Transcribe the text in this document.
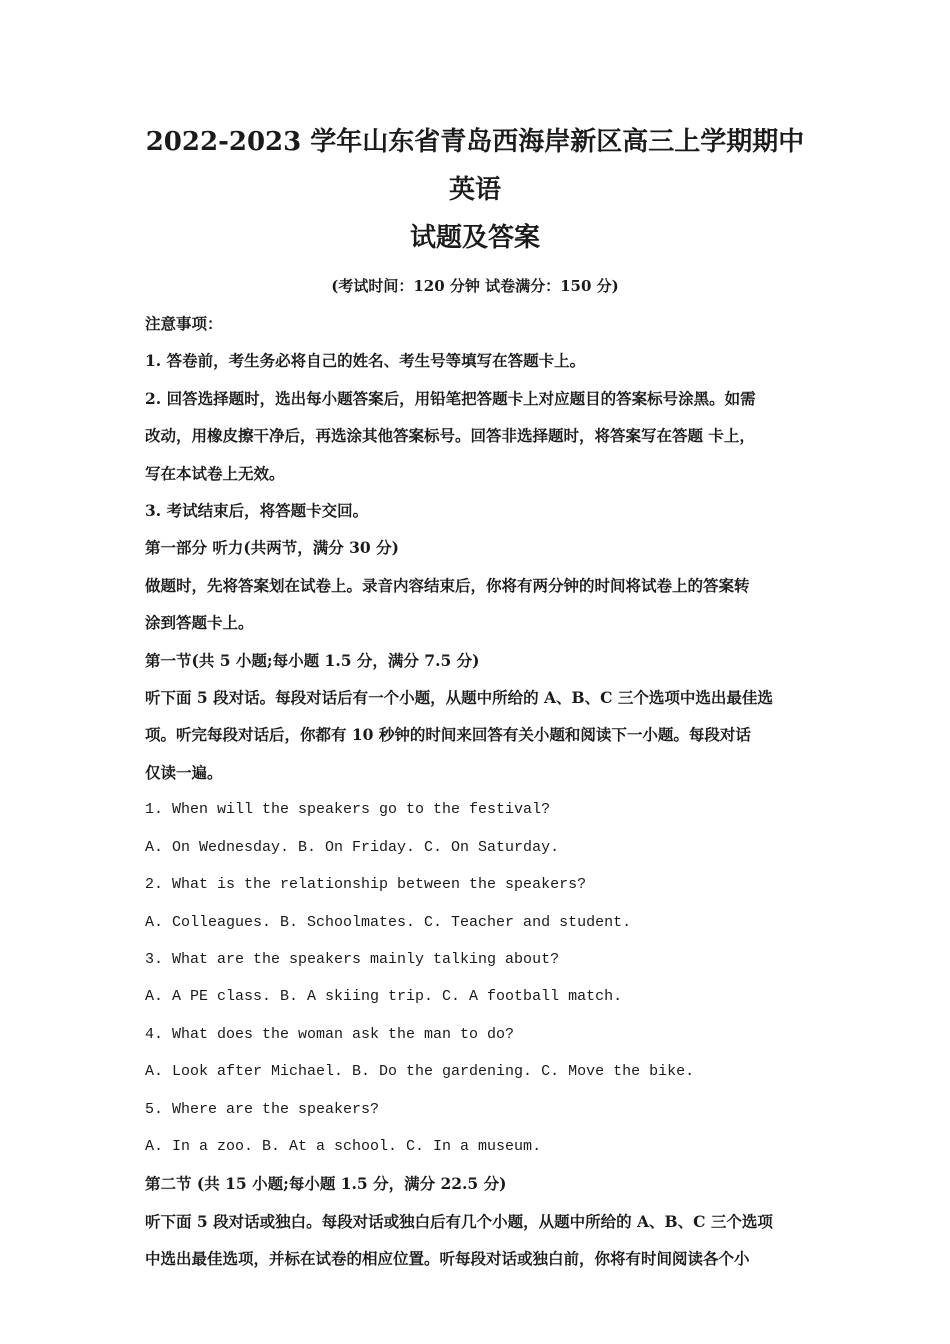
2022-2023 学年山东省青岛西海岸新区高三上学期期中英语
试题及答案

(考试时间：120 分钟 试卷满分：150 分)

注意事项：

1. 答卷前，考生务必将自己的姓名、考生号等填写在答题卡上。

2. 回答选择题时，选出每小题答案后，用铅笔把答题卡上对应题目的答案标号涂黑。如需

改动，用橡皮擦干净后，再选涂其他答案标号。回答非选择题时，将答案写在答题 卡上，

写在本试卷上无效。

3. 考试结束后，将答题卡交回。

第一部分 听力(共两节，满分 30 分)

做题时，先将答案划在试卷上。录音内容结束后，你将有两分钟的时间将试卷上的答案转

涂到答题卡上。

第一节(共 5 小题;每小题 1.5 分，满分 7.5 分)

听下面 5 段对话。每段对话后有一个小题，从题中所给的 A、B、C 三个选项中选出最佳选

项。听完每段对话后，你都有 10 秒钟的时间来回答有关小题和阅读下一小题。每段对话

仅读一遍。

1. When will the speakers go to the festival?

A. On Wednesday. B. On Friday. C. On Saturday.

2. What is the relationship between the speakers?

A. Colleagues. B. Schoolmates. C. Teacher and student.

3. What are the speakers mainly talking about?

A. A PE class. B. A skiing trip. C. A football match.

4. What does the woman ask the man to do?

A. Look after Michael. B. Do the gardening. C. Move the bike.

5. Where are the speakers?

A. In a zoo. B. At a school. C. In a museum.

第二节 (共 15 小题;每小题 1.5 分，满分 22.5 分)

听下面 5 段对话或独白。每段对话或独白后有几个小题，从题中所给的 A、B、C 三个选项

中选出最佳选项，并标在试卷的相应位置。听每段对话或独白前，你将有时间阅读各个小
